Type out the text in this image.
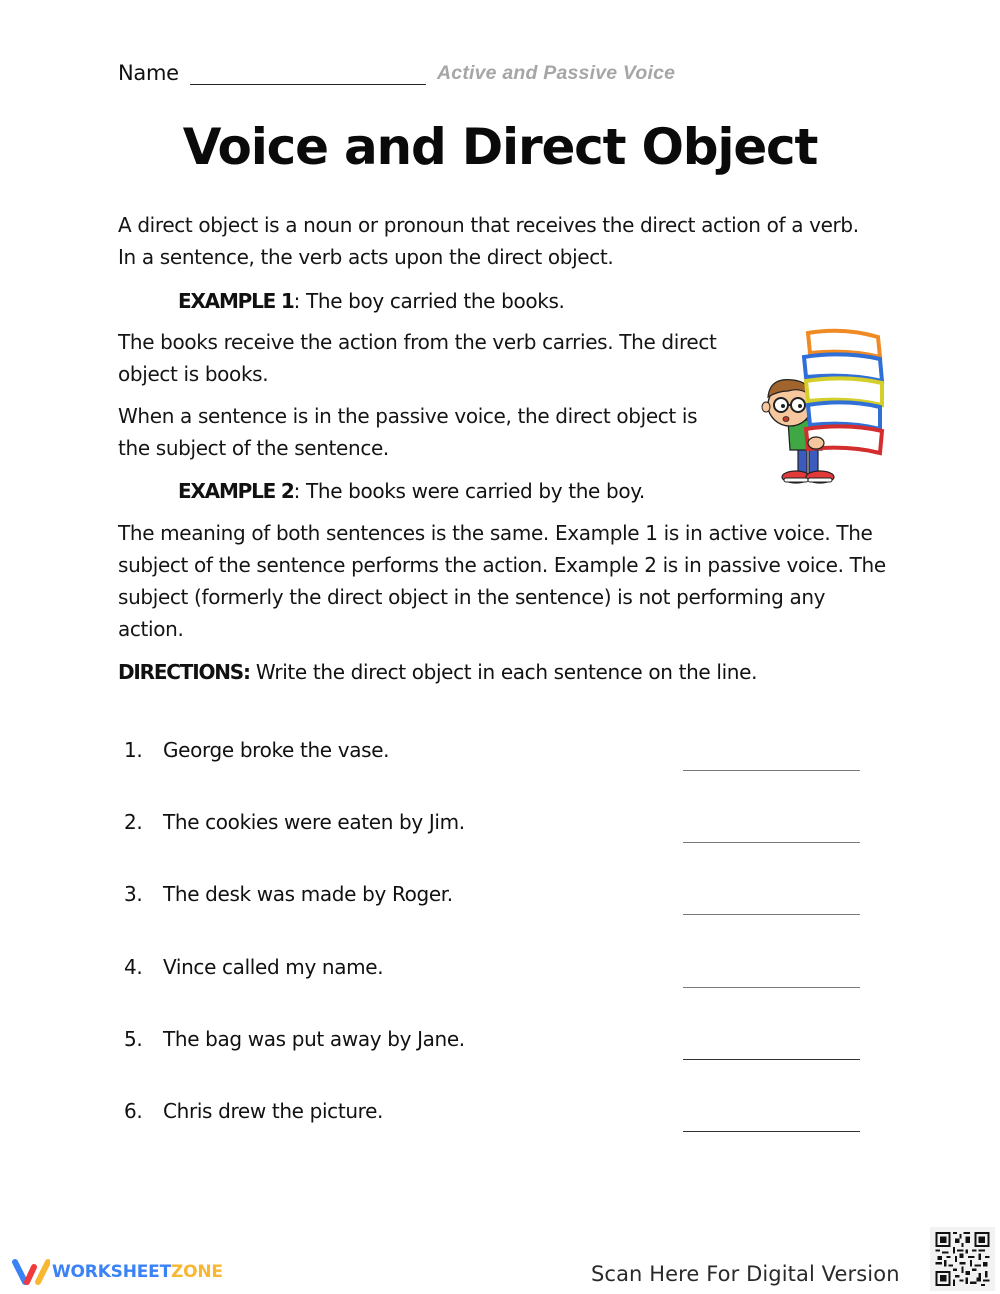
Name	Active and Passive Voice
Voice and Direct Object

A direct object is a noun or pronoun that receives the direct action of a verb. In a sentence, the verb acts upon the direct object.

EXAMPLE 1: The boy carried the books.

The books receive the action from the verb carries. The direct object is books.

When a sentence is in the passive voice, the direct object is the subject of the sentence.

EXAMPLE 2: The books were carried by the boy.

The meaning of both sentences is the same. Example 1 is in active voice. The subject of the sentence performs the action. Example 2 is in passive voice. The subject (formerly the direct object in the sentence) is not performing any action.

DIRECTIONS: Write the direct object in each sentence on the line.
1. George broke the vase.
2. The cookies were eaten by Jim.
3. The desk was made by Roger.
4. Vince called my name.
5. The bag was put away by Jane.
6. Chris drew the picture.
WORKSHEETZONE	Scan Here For Digital Version
